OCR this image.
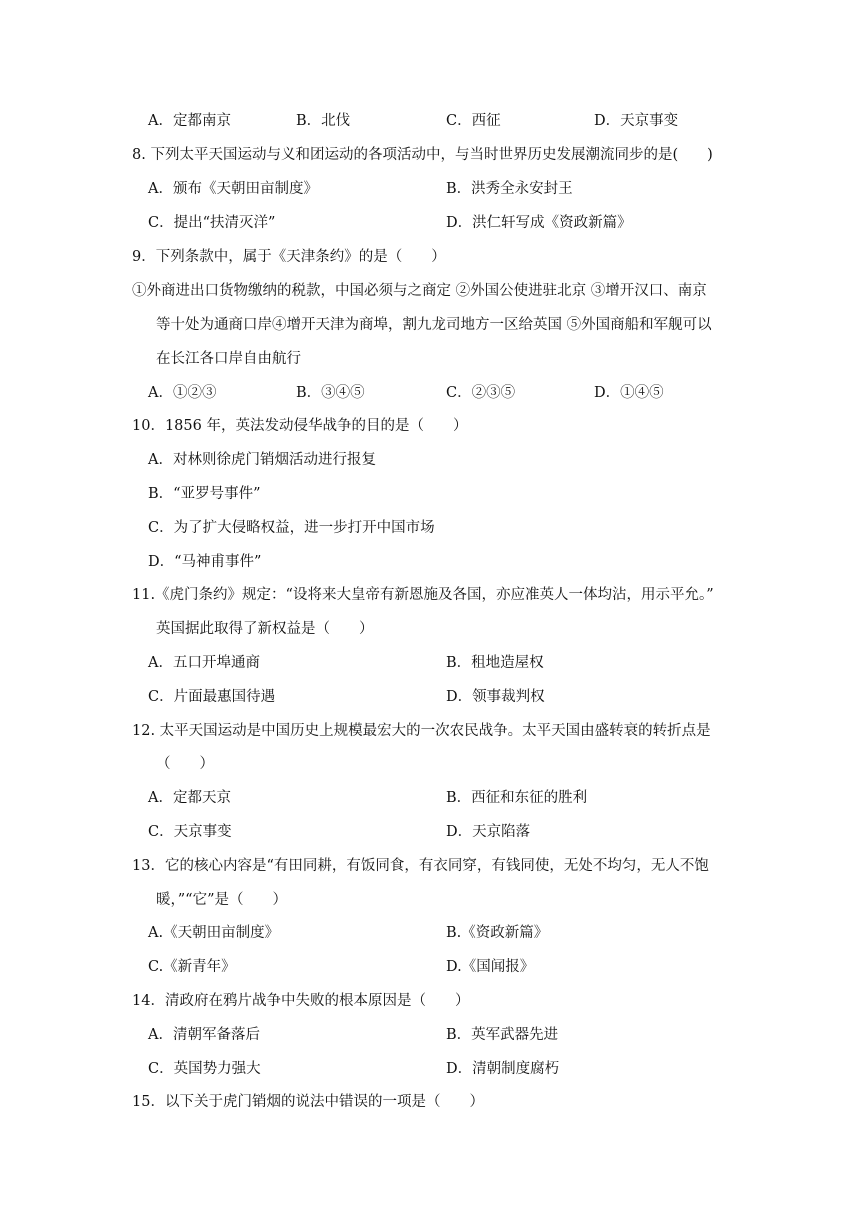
A．定都南京	B．北伐	C．西征	D．天京事变
8. 下列太平天国运动与义和团运动的各项活动中，与当时世界历史发展潮流同步的是(　　)
A．颁布《天朝田亩制度》	B．洪秀全永安封王
C．提出“扶清灭洋”	D．洪仁轩写成《资政新篇》
9．下列条款中，属于《天津条约》的是（　　）
①外商进出口货物缴纳的税款，中国必须与之商定 ②外国公使进驻北京 ③增开汉口、南京
等十处为通商口岸④增开天津为商埠，割九龙司地方一区给英国 ⑤外国商船和军舰可以
在长江各口岸自由航行
A．①②③	B．③④⑤	C．②③⑤	D．①④⑤
10．1856 年，英法发动侵华战争的目的是（　　）
A．对林则徐虎门销烟活动进行报复
B．“亚罗号事件”
C．为了扩大侵略权益，进一步打开中国市场
D．“马神甫事件”
11.《虎门条约》规定：“设将来大皇帝有新恩施及各国，亦应准英人一体均沾，用示平允。”
英国据此取得了新权益是（　　）
A．五口开埠通商	B．租地造屋权
C．片面最惠国待遇	D．领事裁判权
12. 太平天国运动是中国历史上规模最宏大的一次农民战争。太平天国由盛转衰的转折点是
（　　）
A．定都天京	B．西征和东征的胜利
C．天京事变	D．天京陷落
13．它的核心内容是“有田同耕，有饭同食，有衣同穿，有钱同使，无处不均匀，无人不饱
暖，”“它”是（　　）
A.《天朝田亩制度》	B.《资政新篇》
C.《新青年》	D.《国闻报》
14．清政府在鸦片战争中失败的根本原因是（　　）
A．清朝军备落后	B．英军武器先进
C．英国势力强大	D．清朝制度腐朽
15．以下关于虎门销烟的说法中错误的一项是（　　）
